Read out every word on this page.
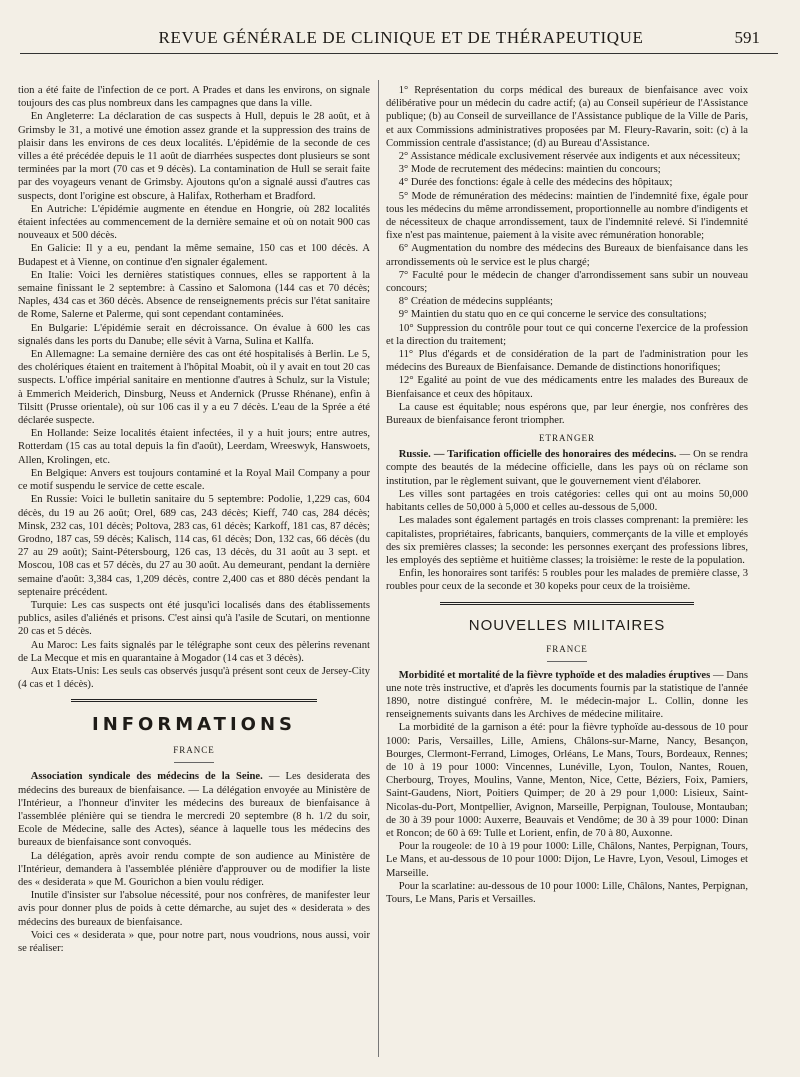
REVUE GÉNÉRALE DE CLINIQUE ET DE THÉRAPEUTIQUE	591

tion a été faite de l'infection de ce port. A Prades et dans les environs, on signale toujours des cas plus nombreux dans les campagnes que dans la ville.

En Angleterre: La déclaration de cas suspects à Hull, depuis le 28 août, et à Grimsby le 31, a motivé une émotion assez grande et la suppression des trains de plaisir dans les environs de ces deux localités. L'épidémie de la seconde de ces villes a été précédée depuis le 11 août de diarrhées suspectes dont plusieurs se sont terminées par la mort (70 cas et 9 décès). La contamination de Hull se serait faite par des voyageurs venant de Grimsby. Ajoutons qu'on a signalé aussi d'autres cas suspects, dont l'origine est obscure, à Halifax, Rotherham et Bradford.

En Autriche: L'épidémie augmente en étendue en Hongrie, où 282 localités étaient infectées au commencement de la dernière semaine et où on notait 900 cas nouveaux et 500 décès.

En Galicie: Il y a eu, pendant la même semaine, 150 cas et 100 décès. A Budapest et à Vienne, on continue d'en signaler également.

En Italie: Voici les dernières statistiques connues, elles se rapportent à la semaine finissant le 2 septembre: à Cassino et Salomona (144 cas et 70 décès; Naples, 434 cas et 360 décès. Absence de renseignements précis sur l'état sanitaire de Rome, Salerne et Palerme, qui sont cependant contaminées.

En Bulgarie: L'épidémie serait en décroissance. On évalue à 600 les cas signalés dans les ports du Danube; elle sévit à Varna, Sulina et Kallfa.

En Allemagne: La semaine dernière des cas ont été hospitalisés à Berlin. Le 5, des cholériques étaient en traitement à l'hôpital Moabit, où il y avait en tout 20 cas suspects. L'office impérial sanitaire en mentionne d'autres à Schulz, sur la Vistule; à Emmerich Meiderich, Dinsburg, Neuss et Andernick (Prusse Rhénane), enfin à Tilsitt (Prusse orientale), où sur 106 cas il y a eu 7 décès. L'eau de la Sprée a été déclarée suspecte.

En Hollande: Seize localités étaient infectées, il y a huit jours; entre autres, Rotterdam (15 cas au total depuis la fin d'août), Leerdam, Wreeswyk, Hanswoets, Allen, Krolingen, etc.

En Belgique: Anvers est toujours contaminé et la Royal Mail Company a pour ce motif suspendu le service de cette escale.

En Russie: Voici le bulletin sanitaire du 5 septembre: Podolie, 1,229 cas, 604 décès, du 19 au 26 août; Orel, 689 cas, 243 décès; Kieff, 740 cas, 284 décès; Minsk, 232 cas, 101 décès; Poltova, 283 cas, 61 décès; Karkoff, 181 cas, 87 décès; Grodno, 187 cas, 59 décès; Kalisch, 114 cas, 61 décès; Don, 132 cas, 66 décès (du 27 au 29 août); Saint-Pétersbourg, 126 cas, 13 décès, du 31 août au 3 sept. et Moscou, 108 cas et 57 décès, du 27 au 30 août. Au demeurant, pendant la dernière semaine d'août: 3,384 cas, 1,209 décès, contre 2,400 cas et 880 décès pendant la septenaire précédent.

Turquie: Les cas suspects ont été jusqu'ici localisés dans des établissements publics, asiles d'aliénés et prisons. C'est ainsi qu'à l'asile de Scutari, on mentionne 20 cas et 5 décès.

Au Maroc: Les faits signalés par le télégraphe sont ceux des pèlerins revenant de La Mecque et mis en quarantaine à Mogador (14 cas et 3 décès).

Aux Etats-Unis: Les seuls cas observés jusqu'à présent sont ceux de Jersey-City (4 cas et 1 décès).

INFORMATIONS
FRANCE

Association syndicale des médecins de la Seine. — Les desiderata des médecins des bureaux de bienfaisance. — La délégation envoyée au Ministère de l'Intérieur, a l'honneur d'inviter les médecins des bureaux de bienfaisance à l'assemblée plénière qui se tiendra le mercredi 20 septembre (8 h. 1/2 du soir, Ecole de Médecine, salle des Actes), séance à laquelle tous les médecins des bureaux de bienfaisance sont convoqués.

La délégation, après avoir rendu compte de son audience au Ministère de l'Intérieur, demandera à l'assemblée plénière d'approuver ou de modifier la liste des « desiderata » que M. Gourichon a bien voulu rédiger.

Inutile d'insister sur l'absolue nécessité, pour nos confrères, de manifester leur avis pour donner plus de poids à cette démarche, au sujet des « desiderata » des médecins des bureaux de bienfaisance.

Voici ces « desiderata » que, pour notre part, nous voudrions, nous aussi, voir se réaliser:

1° Représentation du corps médical des bureaux de bienfaisance avec voix délibérative pour un médecin du cadre actif; (a) au Conseil supérieur de l'Assistance publique; (b) au Conseil de surveillance de l'Assistance publique de la Ville de Paris, et aux Commissions administratives proposées par M. Fleury-Ravarin, soit: (c) à la Commission centrale d'assistance; (d) au Bureau d'Assistance.

2° Assistance médicale exclusivement réservée aux indigents et aux nécessiteux;

3° Mode de recrutement des médecins: maintien du concours;

4° Durée des fonctions: égale à celle des médecins des hôpitaux;

5° Mode de rémunération des médecins: maintien de l'indemnité fixe, égale pour tous les médecins du même arrondissement, proportionnelle au nombre d'indigents et de nécessiteux de chaque arrondissement, taux de l'indemnité relevé. Si l'indemnité fixe n'est pas maintenue, paiement à la visite avec rémunération honorable;

6° Augmentation du nombre des médecins des Bureaux de bienfaisance dans les arrondissements où le service est le plus chargé;

7° Faculté pour le médecin de changer d'arrondissement sans subir un nouveau concours;

8° Création de médecins suppléants;

9° Maintien du statu quo en ce qui concerne le service des consultations;

10° Suppression du contrôle pour tout ce qui concerne l'exercice de la profession et la direction du traitement;

11° Plus d'égards et de considération de la part de l'administration pour les médecins des Bureaux de Bienfaisance. Demande de distinctions honorifiques;

12° Egalité au point de vue des médicaments entre les malades des Bureaux de Bienfaisance et ceux des hôpitaux.

La cause est équitable; nous espérons que, par leur énergie, nos confrères des Bureaux de bienfaisance feront triompher.

ETRANGER

Russie. — Tarification officielle des honoraires des médecins. — On se rendra compte des beautés de la médecine officielle, dans les pays où on réclame son institution, par le règlement suivant, que le gouvernement vient d'élaborer.

Les villes sont partagées en trois catégories: celles qui ont au moins 50,000 habitants celles de 50,000 à 5,000 et celles au-dessous de 5,000.

Les malades sont également partagés en trois classes comprenant: la première: les capitalistes, propriétaires, fabricants, banquiers, commerçants de la ville et employés des six premières classes; la seconde: les personnes exerçant des professions libres, les employés des septième et huitième classes; la troisième: le reste de la population.

Enfin, les honoraires sont tarifés: 5 roubles pour les malades de première classe, 3 roubles pour ceux de la seconde et 30 kopeks pour ceux de la troisième.

NOUVELLES MILITAIRES
FRANCE

Morbidité et mortalité de la fièvre typhoïde et des maladies éruptives — Dans une note très instructive, et d'après les documents fournis par la statistique de l'année 1890, notre distingué confrère, M. le médecin-major L. Collin, donne les renseignements suivants dans les Archives de médecine militaire.

La morbidité de la garnison a été: pour la fièvre typhoïde au-dessous de 10 pour 1000: Paris, Versailles, Lille, Amiens, Châlons-sur-Marne, Nancy, Besançon, Bourges, Clermont-Ferrand, Limoges, Orléans, Le Mans, Tours, Bordeaux, Rennes; de 10 à 19 pour 1000: Vincennes, Lunéville, Lyon, Toulon, Nantes, Rouen, Cherbourg, Troyes, Moulins, Vanne, Menton, Nice, Cette, Béziers, Foix, Pamiers, Saint-Gaudens, Niort, Poitiers Quimper; de 20 à 29 pour 1,000: Lisieux, Saint-Nicolas-du-Port, Montpellier, Avignon, Marseille, Perpignan, Toulouse, Montauban; de 30 à 39 pour 1000: Auxerre, Beauvais et Vendôme; de 30 à 39 pour 1000: Dinan et Roncon; de 60 à 69: Tulle et Lorient, enfin, de 70 à 80, Auxonne.

Pour la rougeole: de 10 à 19 pour 1000: Lille, Châlons, Nantes, Perpignan, Tours, Le Mans, et au-dessous de 10 pour 1000: Dijon, Le Havre, Lyon, Vesoul, Limoges et Marseille.

Pour la scarlatine: au-dessous de 10 pour 1000: Lille, Châlons, Nantes, Perpignan, Tours, Le Mans, Paris et Versailles.
